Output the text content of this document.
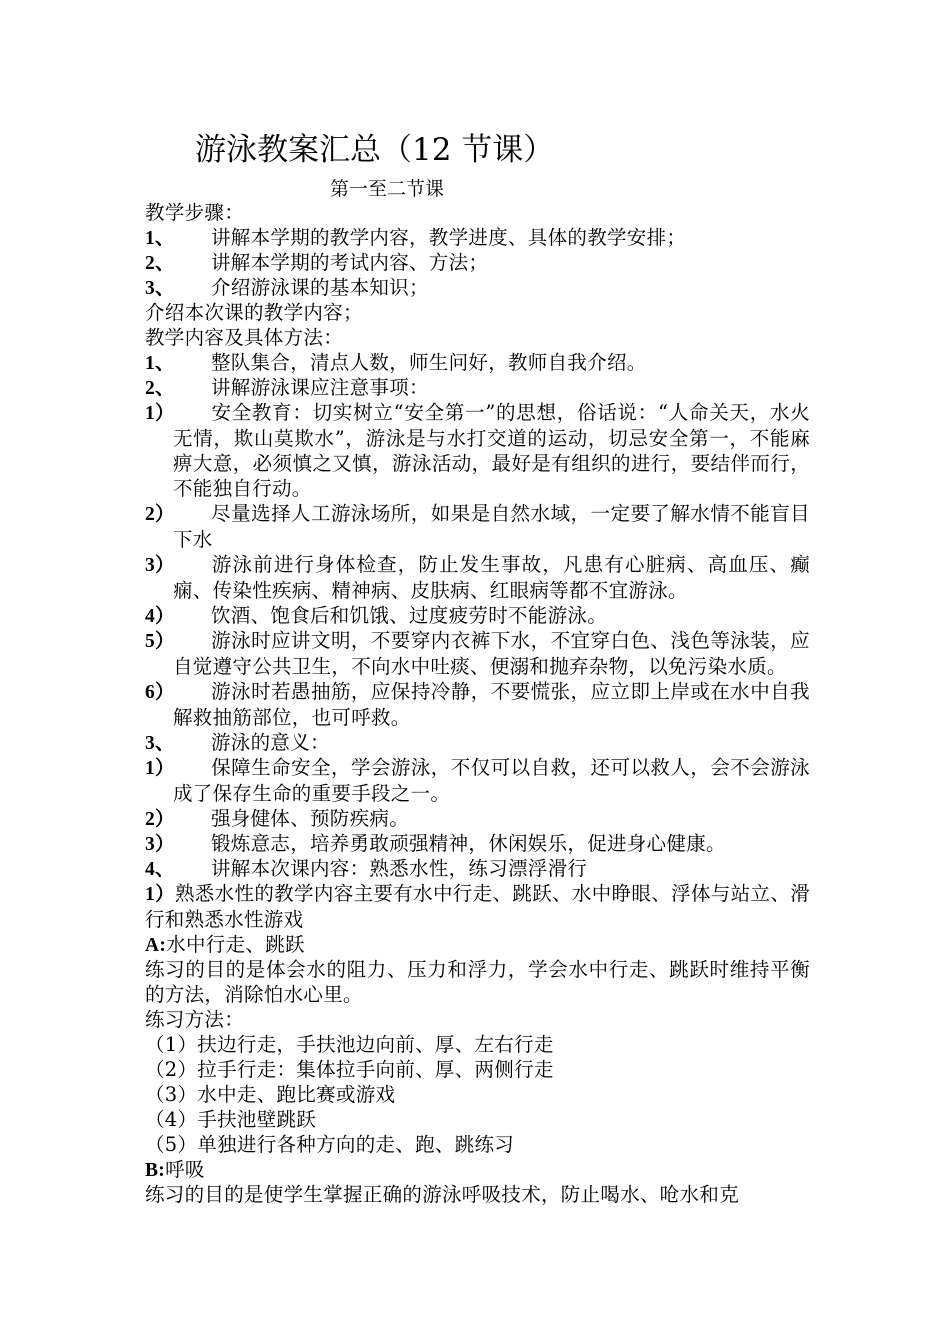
游泳教案汇总（12 节课）
第一至二节课
教学步骤：
1、 讲解本学期的教学内容，教学进度、具体的教学安排；
2、 讲解本学期的考试内容、方法；
3、 介绍游泳课的基本知识；
介绍本次课的教学内容；
教学内容及具体方法：
1、 整队集合，清点人数，师生问好，教师自我介绍。
2、 讲解游泳课应注意事项：
1） 安全教育：切实树立“安全第一”的思想，俗话说：“人命关天，水火无情，欺山莫欺水”，游泳是与水打交道的运动，切忌安全第一，不能麻痹大意，必须慎之又慎，游泳活动，最好是有组织的进行，要结伴而行，不能独自行动。
2） 尽量选择人工游泳场所，如果是自然水域，一定要了解水情不能盲目下水
3） 游泳前进行身体检查，防止发生事故，凡患有心脏病、高血压、癫痫、传染性疾病、精神病、皮肤病、红眼病等都不宜游泳。
4） 饮酒、饱食后和饥饿、过度疲劳时不能游泳。
5） 游泳时应讲文明，不要穿内衣裤下水，不宜穿白色、浅色等泳装，应自觉遵守公共卫生，不向水中吐痰、便溺和抛弃杂物，以免污染水质。
6） 游泳时若愚抽筋，应保持冷静，不要慌张，应立即上岸或在水中自我解救抽筋部位，也可呼救。
3、 游泳的意义：
1） 保障生命安全，学会游泳，不仅可以自救，还可以救人，会不会游泳成了保存生命的重要手段之一。
2） 强身健体、预防疾病。
3） 锻炼意志，培养勇敢顽强精神，休闲娱乐，促进身心健康。
4、 讲解本次课内容：熟悉水性，练习漂浮滑行
1）熟悉水性的教学内容主要有水中行走、跳跃、水中睁眼、浮体与站立、滑行和熟悉水性游戏
A:水中行走、跳跃
练习的目的是体会水的阻力、压力和浮力，学会水中行走、跳跃时维持平衡的方法，消除怕水心里。
练习方法：
（1）扶边行走，手扶池边向前、厚、左右行走
（2）拉手行走：集体拉手向前、厚、两侧行走
（3）水中走、跑比赛或游戏
（4）手扶池壁跳跃
（5）单独进行各种方向的走、跑、跳练习
B:呼吸
练习的目的是使学生掌握正确的游泳呼吸技术，防止喝水、呛水和克
